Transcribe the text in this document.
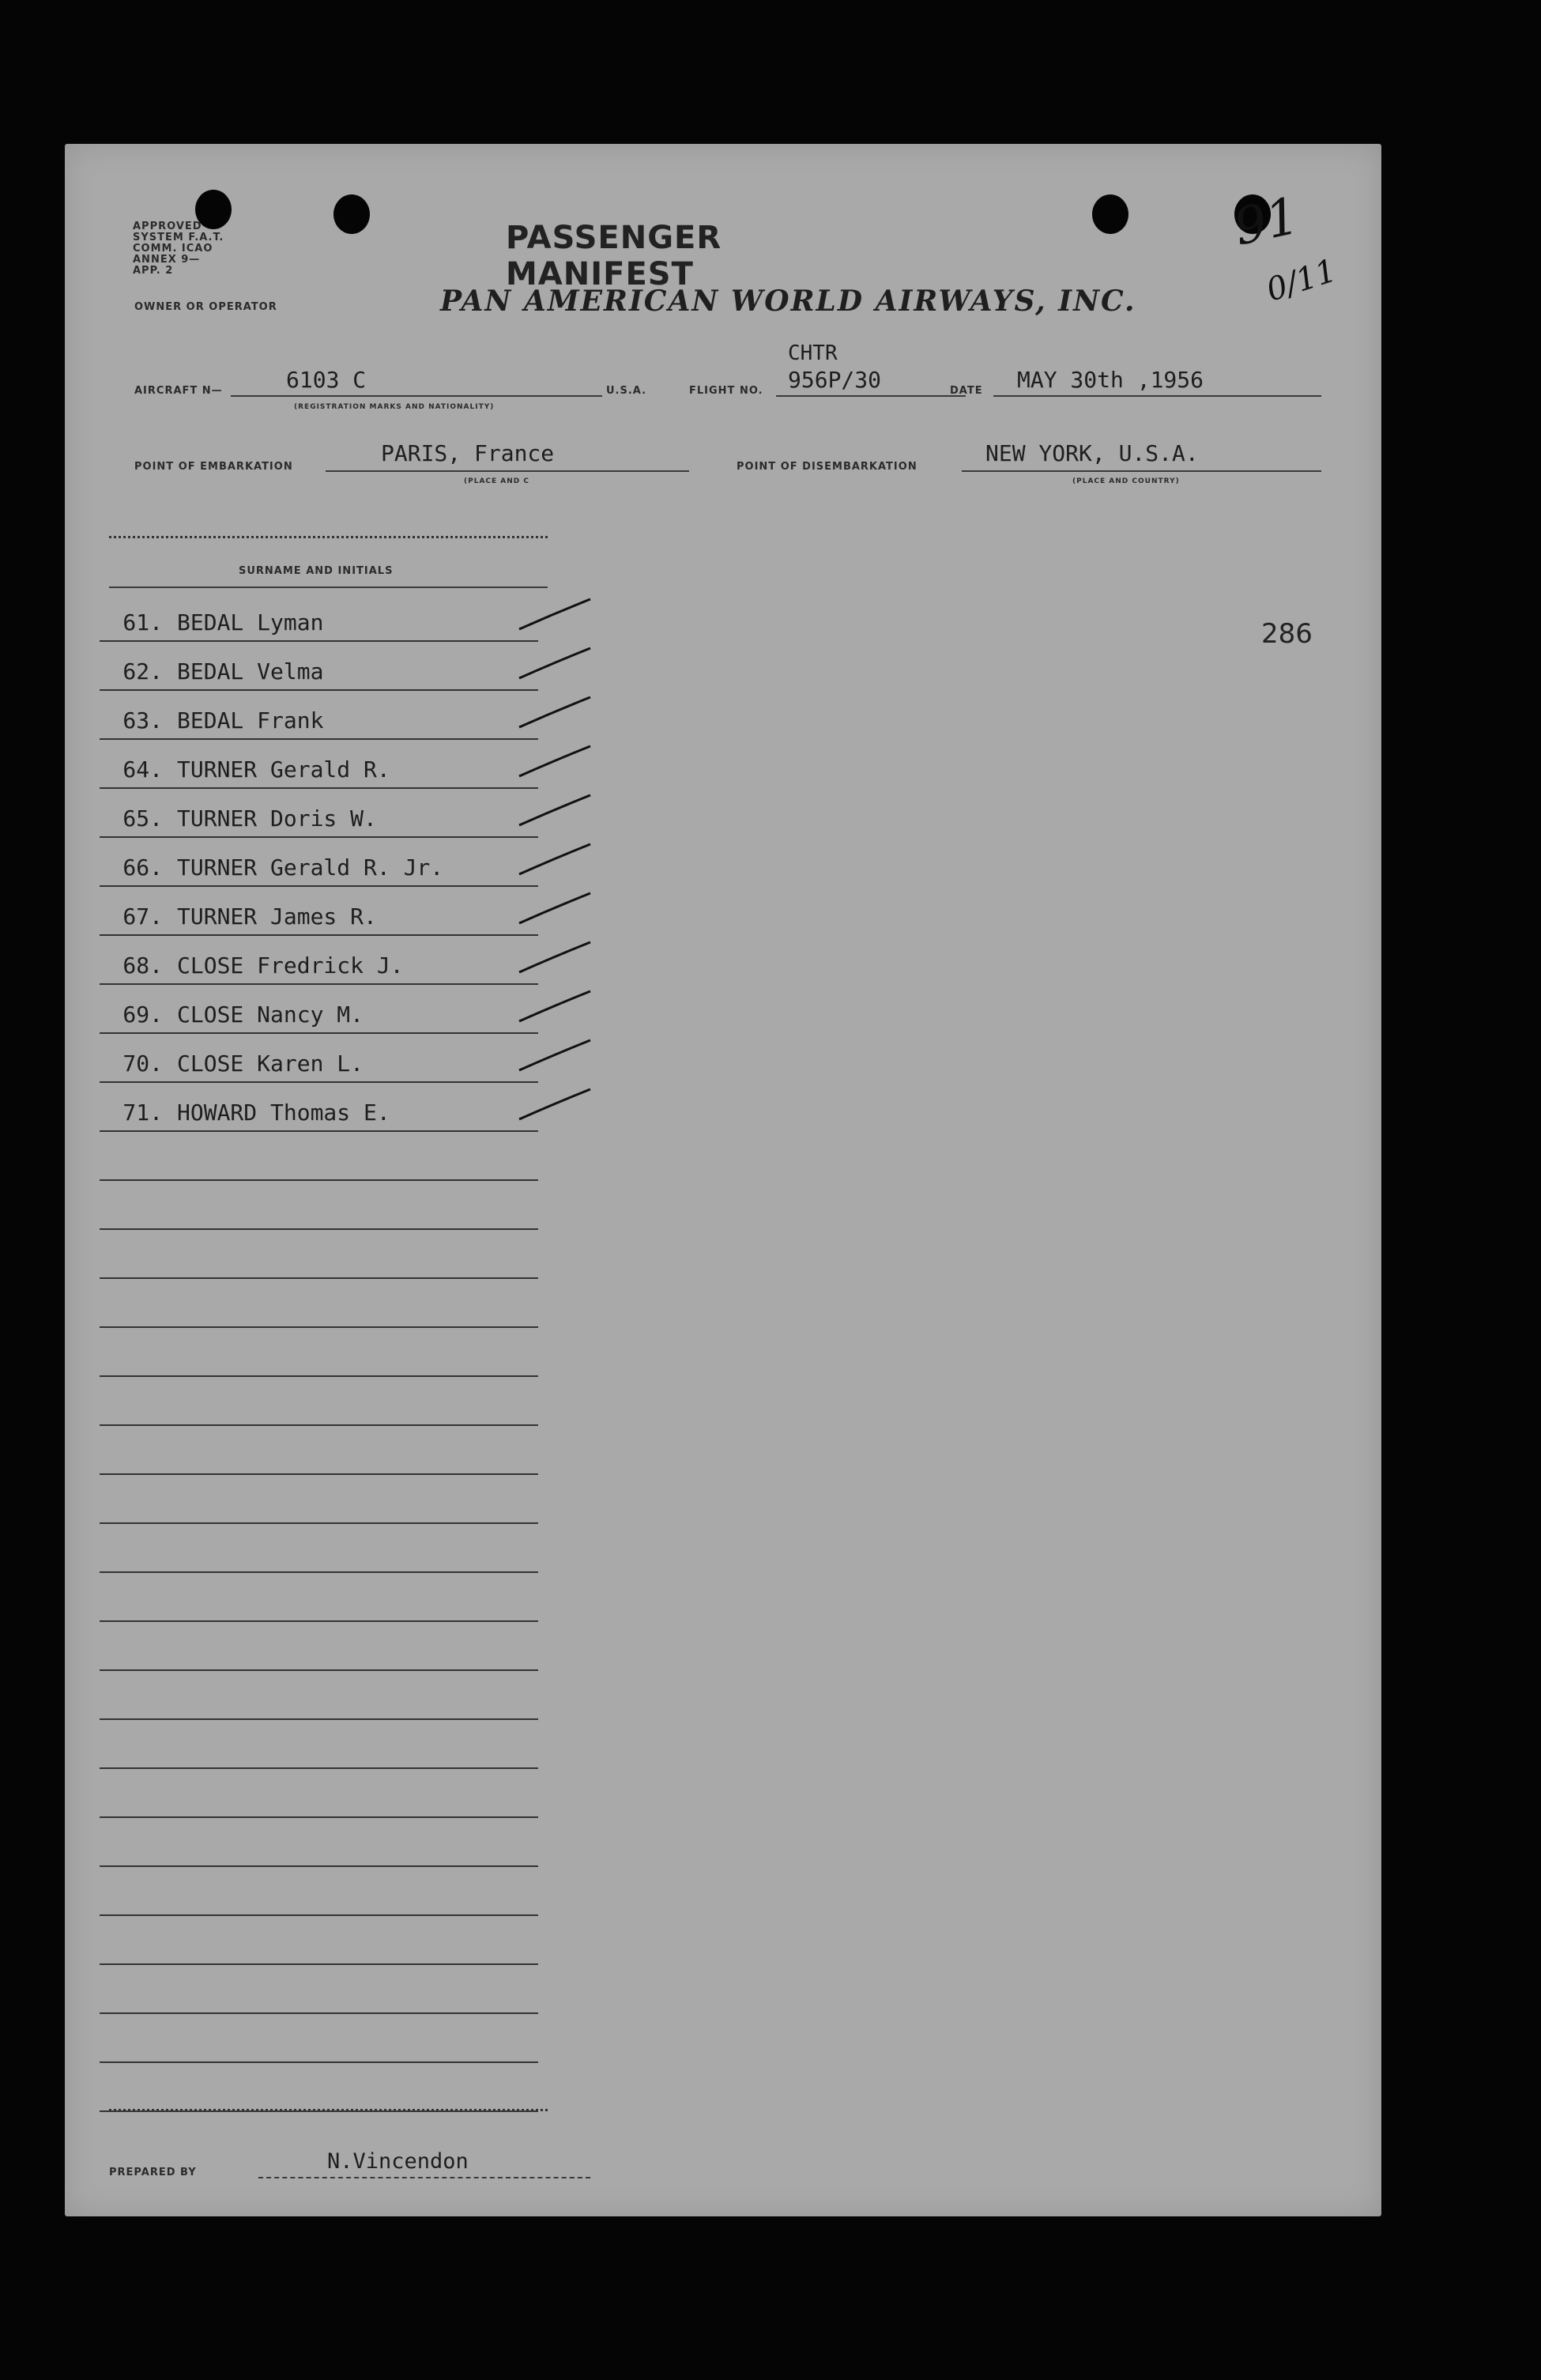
APPROVED SYSTEM F.A.T. COMM. ICAO ANNEX 9—APP. 2
PASSENGER MANIFEST
91
0/11
OWNER OR OPERATOR	PAN AMERICAN WORLD AIRWAYS, INC.
AIRCRAFT N—	6103 C
(REGISTRATION MARKS AND NATIONALITY)
U.S.A.	FLIGHT NO.
CHTR
956P/30	DATE MAY 30th ,1956
POINT OF EMBARKATION
PARIS, France
(PLACE AND C
POINT OF DISEMBARKATION
NEW YORK, U.S.A.
(PLACE AND COUNTRY)
SURNAME AND INITIALS
286
61. BEDAL Lyman
62. BEDAL Velma
63. BEDAL Frank
64. TURNER Gerald R.
65. TURNER Doris W.
66. TURNER Gerald R. Jr.
67. TURNER James R.
68. CLOSE Fredrick J.
69. CLOSE Nancy M.
70. CLOSE Karen L.
71. HOWARD Thomas E.
PREPARED BY	N.Vincendon
